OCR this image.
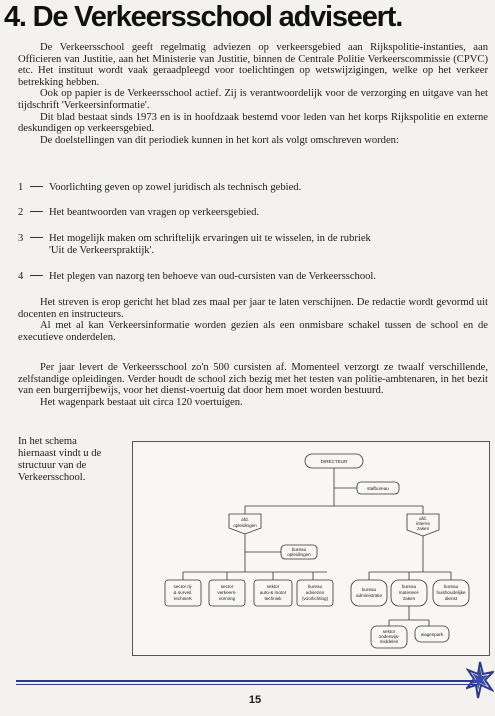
4. De Verkeersschool adviseert.

De Verkeersschool geeft regelmatig adviezen op verkeersgebied aan Rijkspolitie-instanties, aan Officieren van Justitie, aan het Ministerie van Justitie, binnen de Centrale Politie Verkeerscommissie (CPVC) etc. Het instituut wordt vaak geraadpleegd voor toelichtingen op wetswijzigingen, welke op het verkeer betrekking hebben.

Ook op papier is de Verkeersschool actief. Zij is verantwoordelijk voor de verzorging en uitgave van het tijdschrift 'Verkeersinformatie'.

Dit blad bestaat sinds 1973 en is in hoofdzaak bestemd voor leden van het korps Rijkspolitie en externe deskundigen op verkeersgebied.

De doelstellingen van dit periodiek kunnen in het kort als volgt omschreven worden:

1 Voorlichting geven op zowel juridisch als technisch gebied.
2 Het beantwoorden van vragen op verkeersgebied.
3 Het mogelijk maken om schriftelijk ervaringen uit te wisselen, in de rubriek
'Uit de Verkeerspraktijk'.
4 Het plegen van nazorg ten behoeve van oud-cursisten van de Verkeersschool.

Het streven is erop gericht het blad zes maal per jaar te laten verschijnen. De redactie wordt gevormd uit docenten en instructeurs.

Al met al kan Verkeersinformatie worden gezien als een onmisbare schakel tussen de school en de executieve onderdelen.

Per jaar levert de Verkeersschool zo'n 500 cursisten af. Momenteel verzorgt ze twaalf verschillende, zelfstandige opleidingen. Verder houdt de school zich bezig met het testen van politie-ambtenaren, in het bezit van een burgerrijbewijs, voor het dienst-voertuig dat door hem moet worden bestuurd.

Het wagenpark bestaat uit circa 120 voertuigen.

In het schema
hiernaast vindt u de
structuur van de
Verkeersschool.
DIRECTEUR
stafbureau
afd.
opleidingen
afd.
interne
zaken
bureau
opleidingen
sector rij-
& surveil.
technieK
sector
verkeers-
vorming
sektor
auto-& motor
techniek
bureau
adviezen
(voorlichting)
bureau
administratie
bureau
materieel-
zaken
bureau
huishoudelijke
dienst
sektor
onderwijs-
middelen
wagenpark
15
